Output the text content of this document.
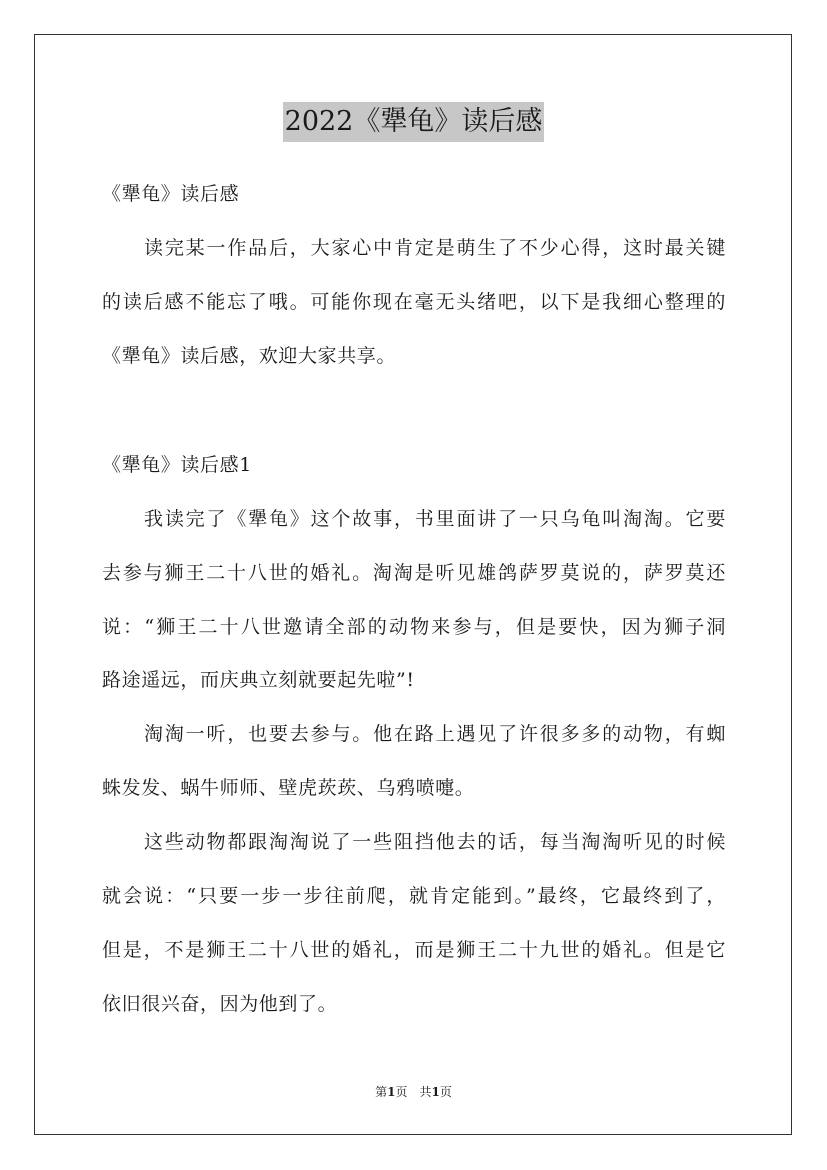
2022《犟龟》读后感
《犟龟》读后感
读完某一作品后，大家心中肯定是萌生了不少心得，这时最关键
的读后感不能忘了哦。可能你现在毫无头绪吧，以下是我细心整理的
《犟龟》读后感，欢迎大家共享。
《犟龟》读后感1
我读完了《犟龟》这个故事，书里面讲了一只乌龟叫淘淘。它要
去参与狮王二十八世的婚礼。淘淘是听见雄鸽萨罗莫说的，萨罗莫还
说：“狮王二十八世邀请全部的动物来参与，但是要快，因为狮子洞
路途遥远，而庆典立刻就要起先啦”!
淘淘一听，也要去参与。他在路上遇见了许很多多的动物，有蜘
蛛发发、蜗牛师师、壁虎莰莰、乌鸦喷嚏。
这些动物都跟淘淘说了一些阻挡他去的话，每当淘淘听见的时候
就会说：“只要一步一步往前爬，就肯定能到。”最终，它最终到了，
但是，不是狮王二十八世的婚礼，而是狮王二十九世的婚礼。但是它
依旧很兴奋，因为他到了。
第1页　共1页
